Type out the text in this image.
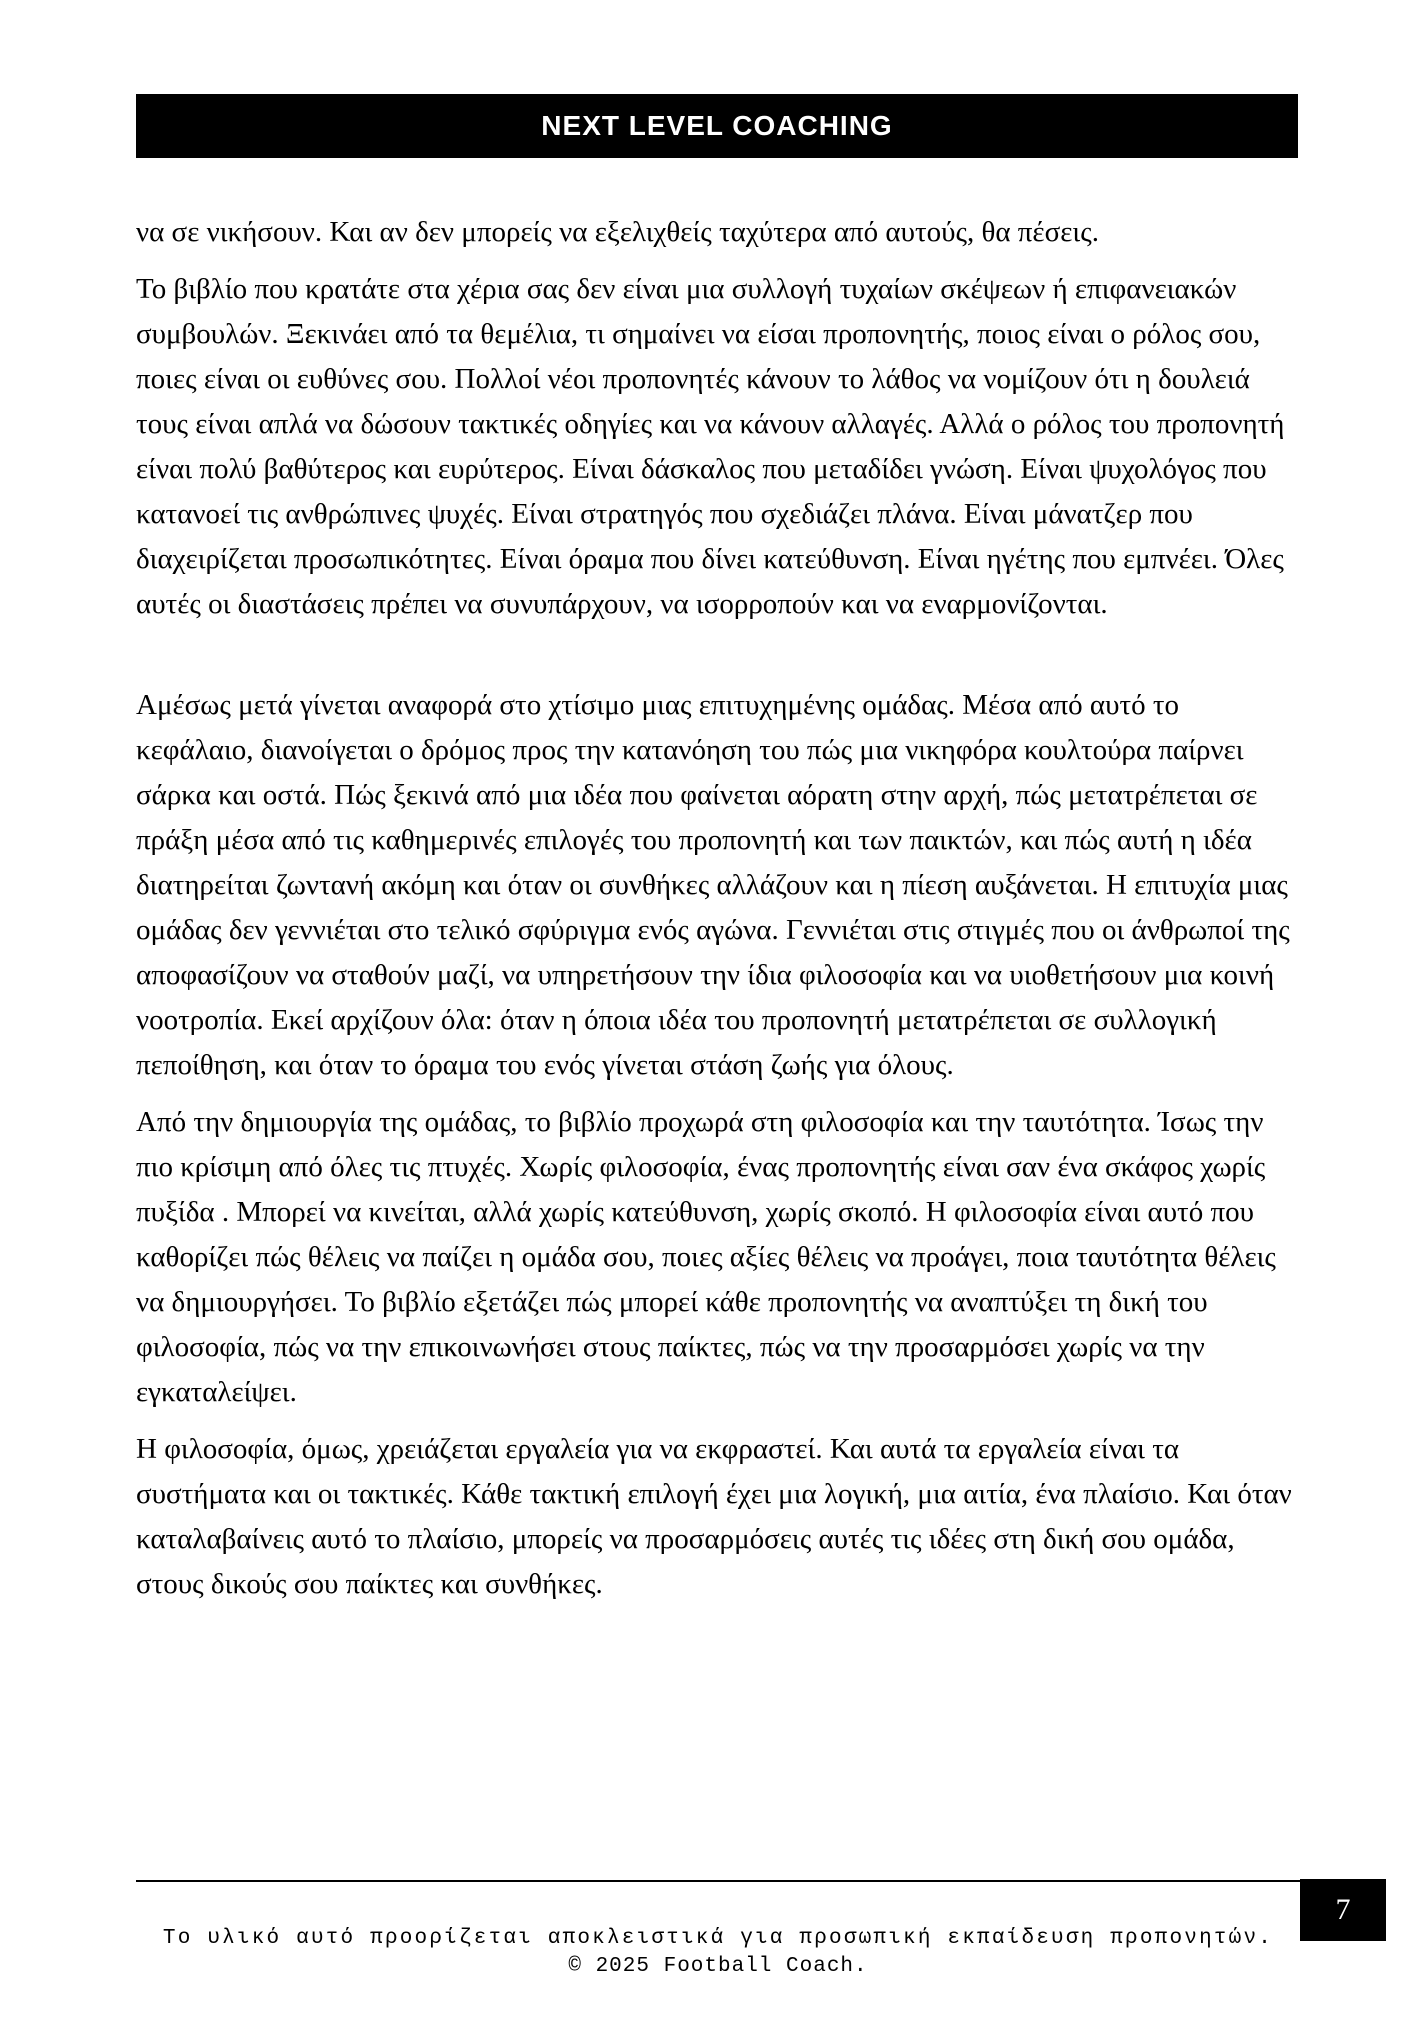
NEXT LEVEL COACHING

να σε νικήσουν. Και αν δεν μπορείς να εξελιχθείς ταχύτερα από αυτούς, θα πέσεις.

Το βιβλίο που κρατάτε στα χέρια σας δεν είναι μια συλλογή τυχαίων σκέψεων ή επιφανειακών συμβουλών. Ξεκινάει από τα θεμέλια, τι σημαίνει να είσαι προπονητής, ποιος είναι ο ρόλος σου, ποιες είναι οι ευθύνες σου. Πολλοί νέοι προπονητές κάνουν το λάθος να νομίζουν ότι η δουλειά τους είναι απλά να δώσουν τακτικές οδηγίες και να κάνουν αλλαγές. Αλλά ο ρόλος του προπονητή είναι πολύ βαθύτερος και ευρύτερος. Είναι δάσκαλος που μεταδίδει γνώση. Είναι ψυχολόγος που κατανοεί τις ανθρώπινες ψυχές. Είναι στρατηγός που σχεδιάζει πλάνα. Είναι μάνατζερ που διαχειρίζεται προσωπικότητες. Είναι όραμα που δίνει κατεύθυνση. Είναι ηγέτης που εμπνέει. Όλες αυτές οι διαστάσεις πρέπει να συνυπάρχουν, να ισορροπούν και να εναρμονίζονται.

Αμέσως μετά γίνεται αναφορά στο χτίσιμο μιας επιτυχημένης ομάδας. Μέσα από αυτό το κεφάλαιο, διανοίγεται ο δρόμος προς την κατανόηση του πώς μια νικηφόρα κουλτούρα παίρνει σάρκα και οστά. Πώς ξεκινά από μια ιδέα που φαίνεται αόρατη στην αρχή, πώς μετατρέπεται σε πράξη μέσα από τις καθημερινές επιλογές του προπονητή και των παικτών, και πώς αυτή η ιδέα διατηρείται ζωντανή ακόμη και όταν οι συνθήκες αλλάζουν και η πίεση αυξάνεται. Η επιτυχία μιας ομάδας δεν γεννιέται στο τελικό σφύριγμα ενός αγώνα. Γεννιέται στις στιγμές που οι άνθρωποί της αποφασίζουν να σταθούν μαζί, να υπηρετήσουν την ίδια φιλοσοφία και να υιοθετήσουν μια κοινή νοοτροπία. Εκεί αρχίζουν όλα: όταν η όποια ιδέα του προπονητή μετατρέπεται σε συλλογική πεποίθηση, και όταν το όραμα του ενός γίνεται στάση ζωής για όλους.

Από την δημιουργία της ομάδας, το βιβλίο προχωρά στη φιλοσοφία και την ταυτότητα. Ίσως την πιο κρίσιμη από όλες τις πτυχές. Χωρίς φιλοσοφία, ένας προπονητής είναι σαν ένα σκάφος χωρίς πυξίδα . Μπορεί να κινείται, αλλά χωρίς κατεύθυνση, χωρίς σκοπό. Η φιλοσοφία είναι αυτό που καθορίζει πώς θέλεις να παίζει η ομάδα σου, ποιες αξίες θέλεις να προάγει, ποια ταυτότητα θέλεις να δημιουργήσει. Το βιβλίο εξετάζει πώς μπορεί κάθε προπονητής να αναπτύξει τη δική του φιλοσοφία, πώς να την επικοινωνήσει στους παίκτες, πώς να την προσαρμόσει χωρίς να την εγκαταλείψει.

Η φιλοσοφία, όμως, χρειάζεται εργαλεία για να εκφραστεί. Και αυτά τα εργαλεία είναι τα συστήματα και οι τακτικές. Κάθε τακτική επιλογή έχει μια λογική, μια αιτία, ένα πλαίσιο. Και όταν καταλαβαίνεις αυτό το πλαίσιο, μπορείς να προσαρμόσεις αυτές τις ιδέες στη δική σου ομάδα, στους δικούς σου παίκτες και συνθήκες.

7
Το υλικό αυτό προορίζεται αποκλειστικά για προσωπική εκπαίδευση προπονητών.
© 2025 Football Coach.
